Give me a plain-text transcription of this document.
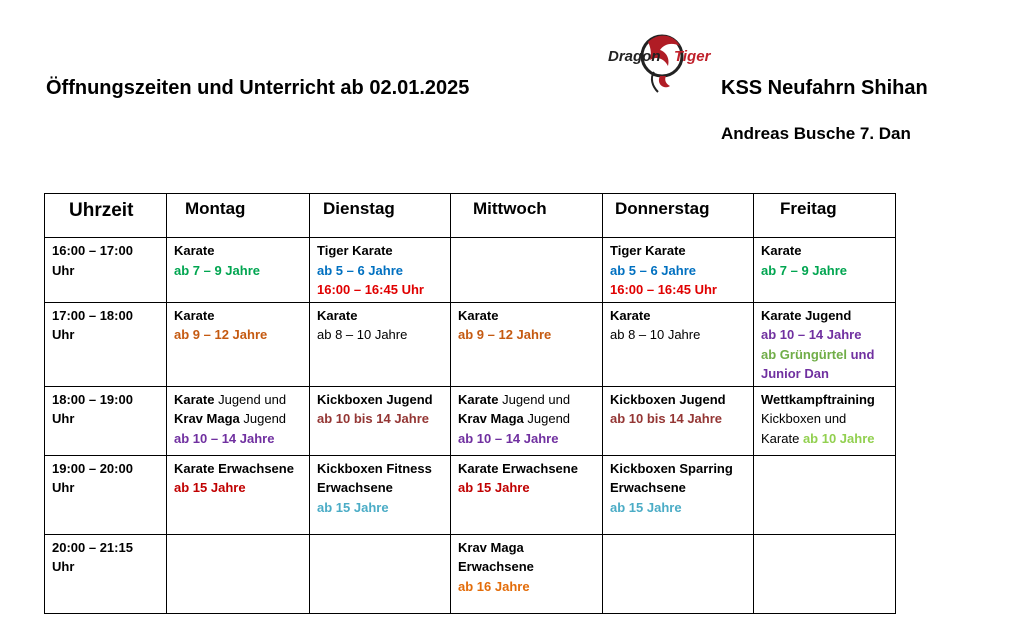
Öffnungszeiten und Unterricht ab 02.01.2025
Dragon Tiger
KSS Neufahrn Shihan
Andreas Busche 7. Dan
Uhrzeit	Montag	Dienstag	Mittwoch	Donnerstag	Freitag
16:00 – 17:00
Uhr	Karate
ab 7 – 9 Jahre	Tiger Karate
ab 5 – 6 Jahre
16:00 – 16:45 Uhr		Tiger Karate
ab 5 – 6 Jahre
16:00 – 16:45 Uhr	Karate
ab 7 – 9 Jahre
17:00 – 18:00
Uhr	Karate
ab 9 – 12 Jahre	Karate
ab 8 – 10 Jahre	Karate
ab 9 – 12 Jahre	Karate
ab 8 – 10 Jahre	Karate Jugend
ab 10 – 14 Jahre
ab Grüngürtel und
Junior Dan
18:00 – 19:00
Uhr	Karate Jugend und
Krav Maga Jugend
ab 10 – 14 Jahre	Kickboxen Jugend
ab 10 bis 14 Jahre	Karate Jugend und
Krav Maga Jugend
ab 10 – 14 Jahre	Kickboxen Jugend
ab 10 bis 14 Jahre	Wettkampftraining
Kickboxen und
Karate ab 10 Jahre
19:00 – 20:00
Uhr	Karate Erwachsene
ab 15 Jahre	Kickboxen Fitness
Erwachsene
ab 15 Jahre	Karate Erwachsene
ab 15 Jahre	Kickboxen Sparring
Erwachsene
ab 15 Jahre	
20:00 – 21:15
Uhr			Krav Maga
Erwachsene
ab 16 Jahre		
